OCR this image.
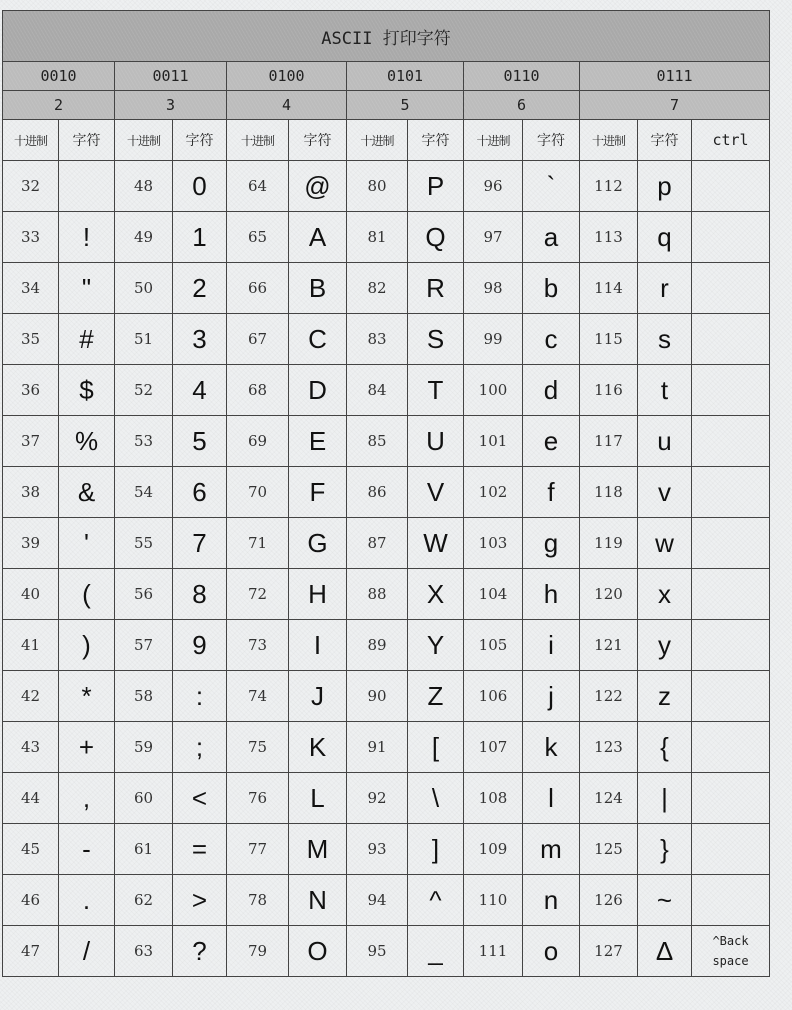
ASCII 打印字符												
0010		0011		0100		0101		0110		0111		
2		3		4		5		6		7		
十进制	字符	十进制	字符	十进制	字符	十进制	字符	十进制	字符	十进制	字符	ctrl
32		48	0	64	@	80	P	96	`	112	p	
33	!	49	1	65	A	81	Q	97	a	113	q	
34	"	50	2	66	B	82	R	98	b	114	r	
35	#	51	3	67	C	83	S	99	c	115	s	
36	$	52	4	68	D	84	T	100	d	116	t	
37	%	53	5	69	E	85	U	101	e	117	u	
38	&	54	6	70	F	86	V	102	f	118	v	
39	'	55	7	71	G	87	W	103	g	119	w	
40	(	56	8	72	H	88	X	104	h	120	x	
41	)	57	9	73	I	89	Y	105	i	121	y	
42	*	58	:	74	J	90	Z	106	j	122	z	
43	+	59	;	75	K	91	[	107	k	123	{	
44	,	60	<	76	L	92	\	108	l	124	|	
45	-	61	=	77	M	93	]	109	m	125	}	
46	.	62	>	78	N	94	^	110	n	126	~	
47	/	63	?	79	O	95	_	111	o	127	Δ	^Back
space
